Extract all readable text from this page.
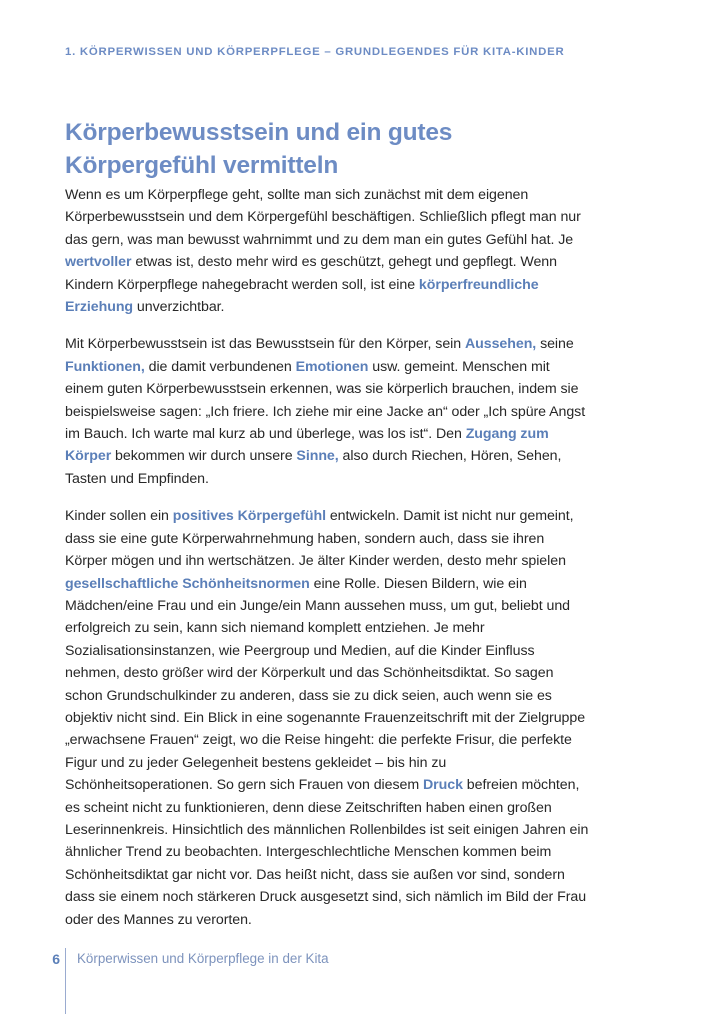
1. KÖRPERWISSEN UND KÖRPERPFLEGE – GRUNDLEGENDES FÜR KITA-KINDER
Körperbewusstsein und ein gutes Körpergefühl vermitteln

Wenn es um Körperpflege geht, sollte man sich zunächst mit dem eigenen Körperbewusstsein und dem Körpergefühl beschäftigen. Schließlich pflegt man nur das gern, was man bewusst wahrnimmt und zu dem man ein gutes Gefühl hat. Je wertvoller etwas ist, desto mehr wird es geschützt, gehegt und gepflegt. Wenn Kindern Körperpflege nahegebracht werden soll, ist eine körperfreundliche Erziehung unverzichtbar.

Mit Körperbewusstsein ist das Bewusstsein für den Körper, sein Aussehen, seine Funktionen, die damit verbundenen Emotionen usw. gemeint. Menschen mit einem guten Körperbewusstsein erkennen, was sie körperlich brauchen, indem sie beispielsweise sagen: „Ich friere. Ich ziehe mir eine Jacke an“ oder „Ich spüre Angst im Bauch. Ich warte mal kurz ab und überlege, was los ist“. Den Zugang zum Körper bekommen wir durch unsere Sinne, also durch Riechen, Hören, Sehen, Tasten und Empfinden.

Kinder sollen ein positives Körpergefühl entwickeln. Damit ist nicht nur gemeint, dass sie eine gute Körperwahrnehmung haben, sondern auch, dass sie ihren Körper mögen und ihn wertschätzen. Je älter Kinder werden, desto mehr spielen gesellschaftliche Schönheitsnormen eine Rolle. Diesen Bildern, wie ein Mädchen/eine Frau und ein Junge/ein Mann aussehen muss, um gut, beliebt und erfolgreich zu sein, kann sich niemand komplett entziehen. Je mehr Sozialisationsinstanzen, wie Peergroup und Medien, auf die Kinder Einfluss nehmen, desto größer wird der Körperkult und das Schönheitsdiktat. So sagen schon Grundschulkinder zu anderen, dass sie zu dick seien, auch wenn sie es objektiv nicht sind. Ein Blick in eine sogenannte Frauenzeitschrift mit der Zielgruppe „erwachsene Frauen“ zeigt, wo die Reise hingeht: die perfekte Frisur, die perfekte Figur und zu jeder Gelegenheit bestens gekleidet – bis hin zu Schönheitsoperationen. So gern sich Frauen von diesem Druck befreien möchten, es scheint nicht zu funktionieren, denn diese Zeitschriften haben einen großen Leserinnenkreis. Hinsichtlich des männlichen Rollenbildes ist seit einigen Jahren ein ähnlicher Trend zu beobachten. Intergeschlechtliche Menschen kommen beim Schönheitsdiktat gar nicht vor. Das heißt nicht, dass sie außen vor sind, sondern dass sie einem noch stärkeren Druck ausgesetzt sind, sich nämlich im Bild der Frau oder des Mannes zu verorten.

6 Körperwissen und Körperpflege in der Kita
